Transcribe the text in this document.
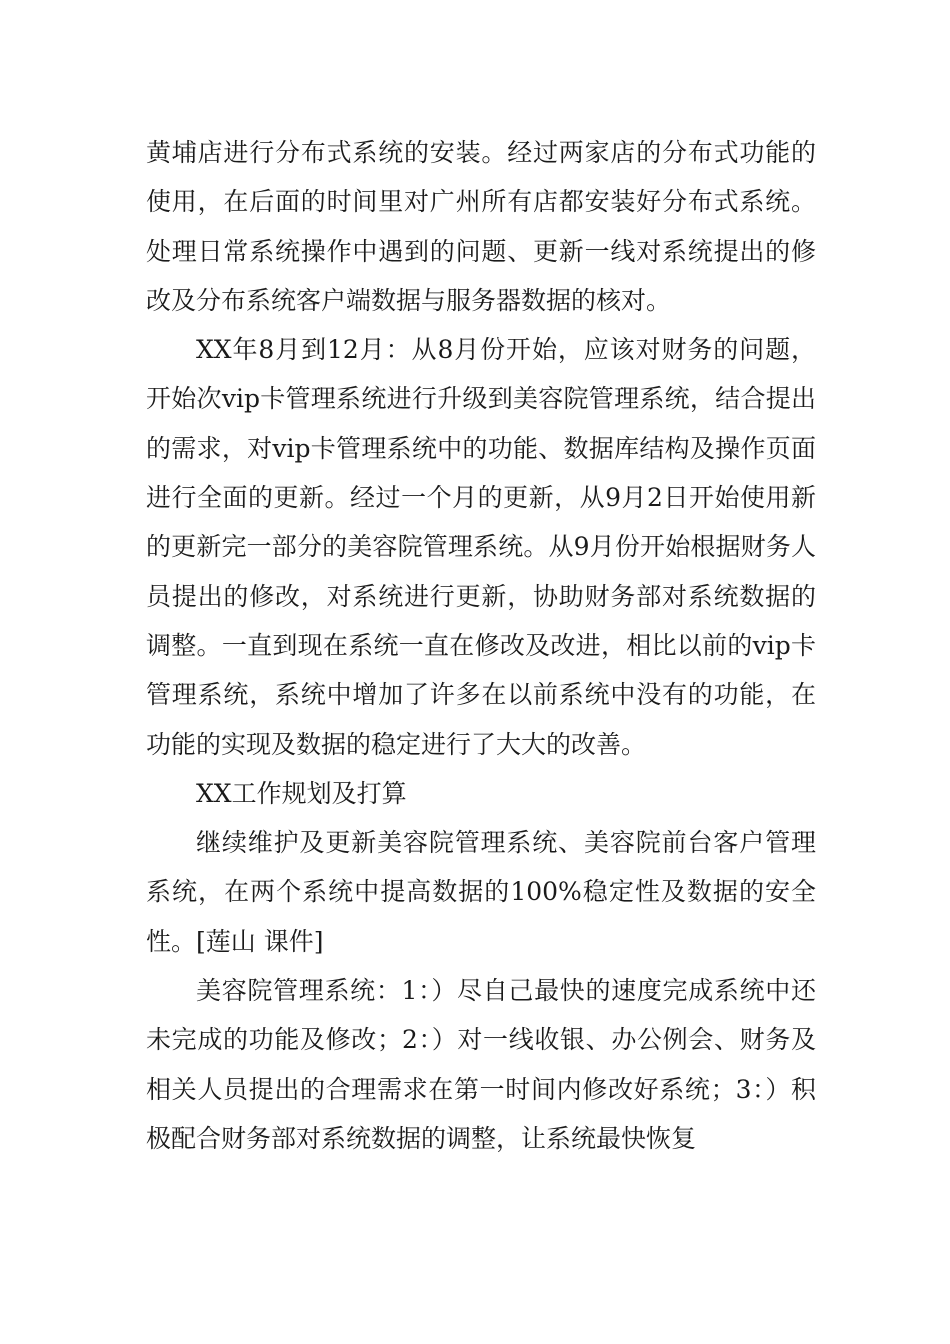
黄埔店进行分布式系统的安装。经过两家店的分布式功能的使用，在后面的时间里对广州所有店都安装好分布式系统。处理日常系统操作中遇到的问题、更新一线对系统提出的修改及分布系统客户端数据与服务器数据的核对。

XX年8月到12月：从8月份开始，应该对财务的问题，开始次vip卡管理系统进行升级到美容院管理系统，结合提出的需求，对vip卡管理系统中的功能、数据库结构及操作页面进行全面的更新。经过一个月的更新，从9月2日开始使用新的更新完一部分的美容院管理系统。从9月份开始根据财务人员提出的修改，对系统进行更新，协助财务部对系统数据的调整。一直到现在系统一直在修改及改进，相比以前的vip卡管理系统，系统中增加了许多在以前系统中没有的功能，在功能的实现及数据的稳定进行了大大的改善。

XX工作规划及打算

继续维护及更新美容院管理系统、美容院前台客户管理系统，在两个系统中提高数据的100%稳定性及数据的安全性。[莲山 课件]

美容院管理系统：1：）尽自己最快的速度完成系统中还未完成的功能及修改；2：）对一线收银、办公例会、财务及相关人员提出的合理需求在第一时间内修改好系统；3：）积极配合财务部对系统数据的调整，让系统最快恢复
